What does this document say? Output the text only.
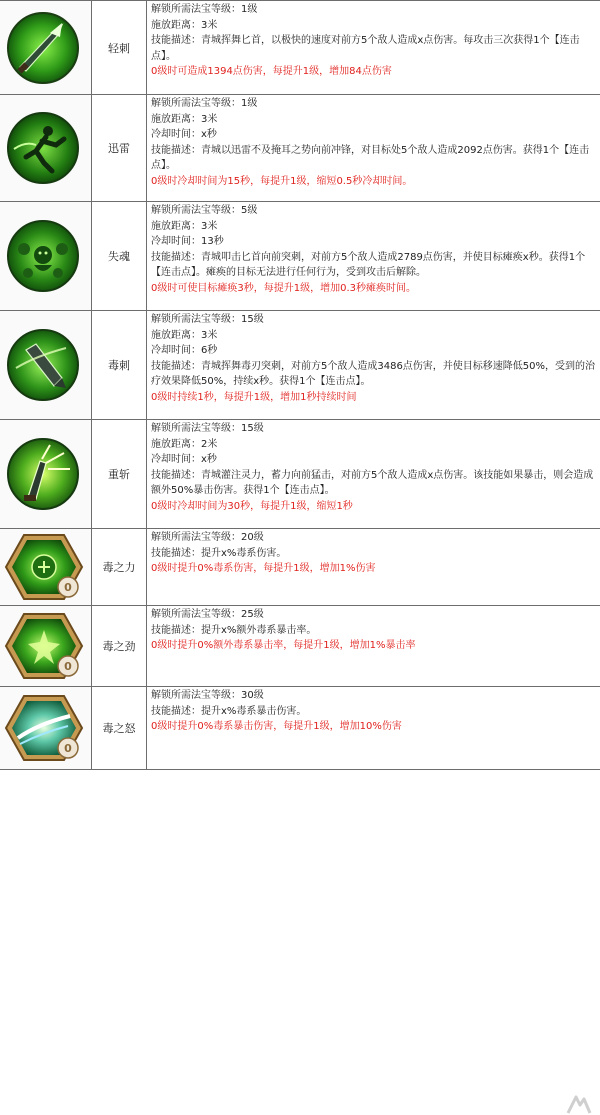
轻刺
解锁所需法宝等级：1级
施放距离：3米
技能描述：青城挥舞匕首，以极快的速度对前方5个敌人造成x点伤害。每攻击三次获得1个【连击点】。
0级时可造成1394点伤害，每提升1级，增加84点伤害
迅雷
解锁所需法宝等级：1级
施放距离：3米
冷却时间：x秒
技能描述：青城以迅雷不及掩耳之势向前冲锋，对目标处5个敌人造成2092点伤害。获得1个【连击点】。
0级时冷却时间为15秒，每提升1级，缩短0.5秒冷却时间。
失魂
解锁所需法宝等级：5级
施放距离：3米
冷却时间：13秒
技能描述：青城叩击匕首向前突刺，对前方5个敌人造成2789点伤害，并使目标瘫痪x秒。获得1个【连击点】。瘫痪的目标无法进行任何行为，受到攻击后解除。
0级时可使目标瘫痪3秒，每提升1级，增加0.3秒瘫痪时间。
毒刺
解锁所需法宝等级：15级
施放距离：3米
冷却时间：6秒
技能描述：青城挥舞毒刃突刺，对前方5个敌人造成3486点伤害，并使目标移速降低50%，受到的治疗效果降低50%，持续x秒。获得1个【连击点】。
0级时持续1秒，每提升1级，增加1秒持续时间
重斩
解锁所需法宝等级：15级
施放距离：2米
冷却时间：x秒
技能描述：青城灌注灵力，蓄力向前猛击，对前方5个敌人造成x点伤害。该技能如果暴击，则会造成额外50%暴击伤害。获得1个【连击点】。
0级时冷却时间为30秒，每提升1级，缩短1秒
0
毒之力
解锁所需法宝等级：20级
技能描述：提升x%毒系伤害。
0级时提升0%毒系伤害，每提升1级，增加1%伤害
0
毒之劲
解锁所需法宝等级：25级
技能描述：提升x%额外毒系暴击率。
0级时提升0%额外毒系暴击率，每提升1级，增加1%暴击率
0
毒之怒
解锁所需法宝等级：30级
技能描述：提升x%毒系暴击伤害。
0级时提升0%毒系暴击伤害，每提升1级，增加10%伤害
